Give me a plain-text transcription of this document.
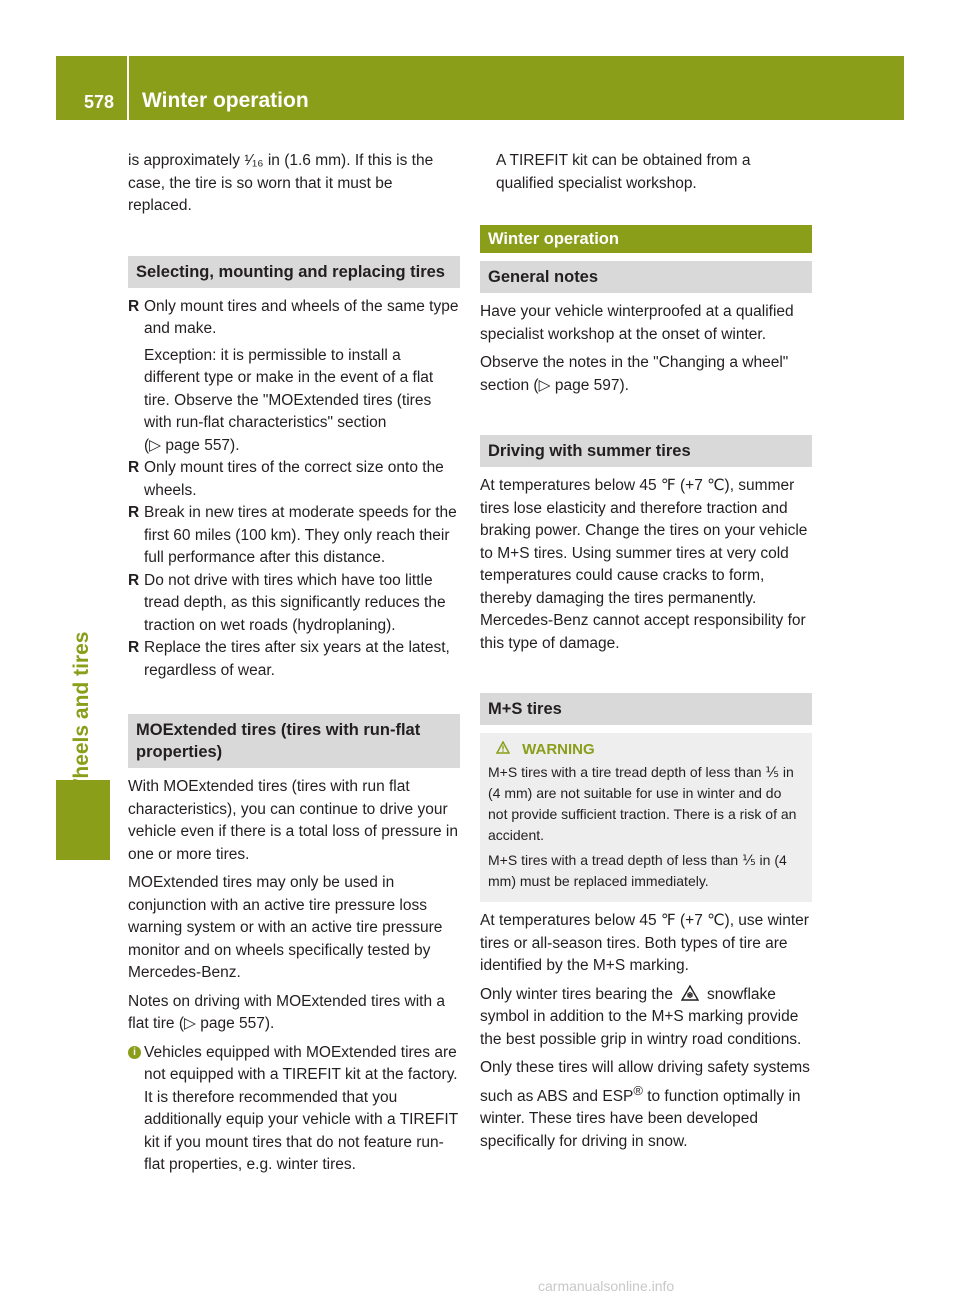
578 Winter operation
Wheels and tires

is approximately ¹⁄₁₆ in (1.6 mm). If this is the case, the tire is so worn that it must be replaced.

Selecting, mounting and replacing tires
R Only mount tires and wheels of the same type and make.

Exception: it is permissible to install a different type or make in the event of a flat tire. Observe the "MOExtended tires (tires with run-flat characteristics" section
(▷ page 557).

R Only mount tires of the correct size onto the wheels.

R Break in new tires at moderate speeds for the first 60 miles (100 km). They only reach their full performance after this distance.

R Do not drive with tires which have too little tread depth, as this significantly reduces the traction on wet roads (hydroplaning).

R Replace the tires after six years at the latest, regardless of wear.

MOExtended tires (tires with run-flat properties)

With MOExtended tires (tires with run flat characteristics), you can continue to drive your vehicle even if there is a total loss of pressure in one or more tires.

MOExtended tires may only be used in conjunction with an active tire pressure loss warning system or with an active tire pressure monitor and on wheels specifically tested by Mercedes-Benz.

Notes on driving with MOExtended tires with a flat tire (▷ page 557).

i Vehicles equipped with MOExtended tires are not equipped with a TIREFIT kit at the factory. It is therefore recommended that you additionally equip your vehicle with a TIREFIT kit if you mount tires that do not feature run-flat properties, e.g. winter tires.

A TIREFIT kit can be obtained from a qualified specialist workshop.

Winter operation
General notes

Have your vehicle winterproofed at a qualified specialist workshop at the onset of winter.

Observe the notes in the "Changing a wheel" section (▷ page 597).

Driving with summer tires

At temperatures below 45 ℉ (+7 ℃), summer tires lose elasticity and therefore traction and braking power. Change the tires on your vehicle to M+S tires. Using summer tires at very cold temperatures could cause cracks to form, thereby damaging the tires permanently. Mercedes-Benz cannot accept responsibility for this type of damage.

M+S tires
WARNING

M+S tires with a tire tread depth of less than ⅕ in (4 mm) are not suitable for use in winter and do not provide sufficient traction. There is a risk of an accident.

M+S tires with a tread depth of less than ⅕ in (4 mm) must be replaced immediately.

At temperatures below 45 ℉ (+7 ℃), use winter tires or all-season tires. Both types of tire are identified by the M+S marking.

Only winter tires bearing the snowflake symbol in addition to the M+S marking provide the best possible grip in wintry road conditions.

Only these tires will allow driving safety systems such as ABS and ESP® to function optimally in winter. These tires have been developed specifically for driving in snow.

carmanualsonline.info
